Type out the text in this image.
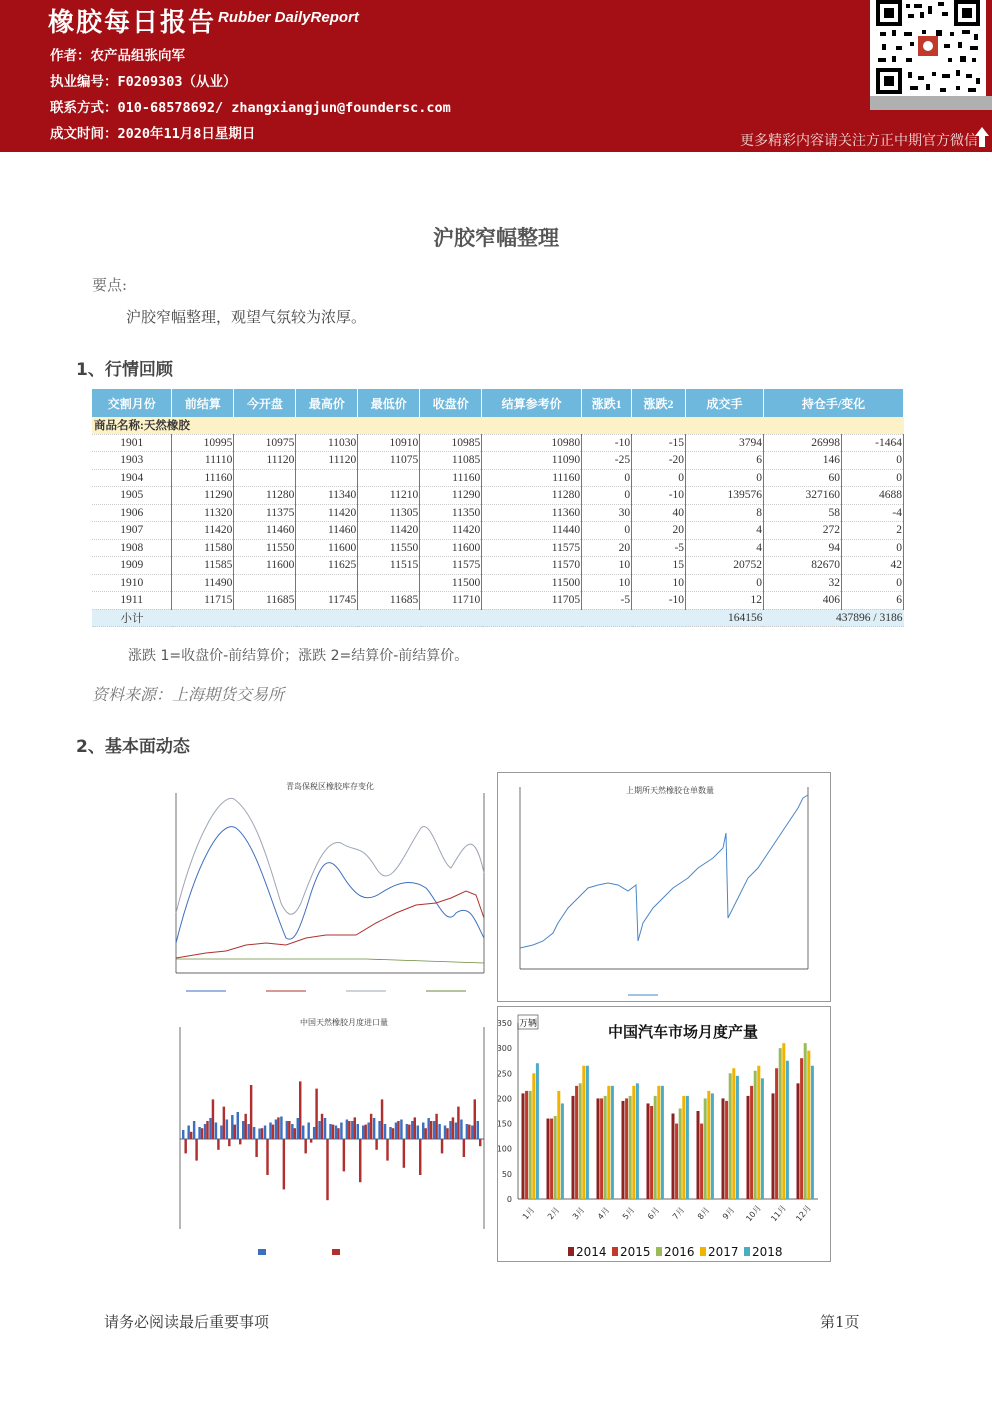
橡胶每日报告 Rubber DailyReport
作者：农产品组张向军
执业编号：F0209303（从业）
联系方式：010-68578692/ zhangxiangjun@foundersc.com
成文时间：2020年11月8日星期日	更多精彩内容请关注方正中期官方微信
沪胶窄幅整理
要点:
沪胶窄幅整理，观望气氛较为浓厚。
1、行情回顾
交割月份	前结算	今开盘	最高价	最低价	收盘价	结算参考价	涨跌1	涨跌2	成交手	持仓手/变化	
商品名称:天然橡胶											
1901	10995	10975	11030	10910	10985	10980	-10	-15	3794	26998	-1464
1903	11110	11120	11120	11075	11085	11090	-25	-20	6	146	0
1904	11160				11160	11160	0	0	0	60	0
1905	11290	11280	11340	11210	11290	11280	0	-10	139576	327160	4688
1906	11320	11375	11420	11305	11350	11360	30	40	8	58	-4
1907	11420	11460	11460	11420	11420	11440	0	20	4	272	2
1908	11580	11550	11600	11550	11600	11575	20	-5	4	94	0
1909	11585	11600	11625	11515	11575	11570	10	15	20752	82670	42
1910	11490				11500	11500	10	10	0	32	0
1911	11715	11685	11745	11685	11710	11705	-5	-10	12	406	6
小计									164156	437896 / 3186	
涨跌 1=收盘价-前结算价；涨跌 2=结算价-前结算价。
资料来源：上海期货交易所
2、基本面动态
青岛保税区橡胶库存变化	上期所天然橡胶仓单数量
中国天然橡胶月度进口量
中国汽车市场月度产量
万辆
0
50
100
150
200
250
300
350
1月 2月 3月 4月 5月 6月 7月 8月 9月 10月 11月 12月
2014 2015 2016 2017 2018
请务必阅读最后重要事项	第1页
